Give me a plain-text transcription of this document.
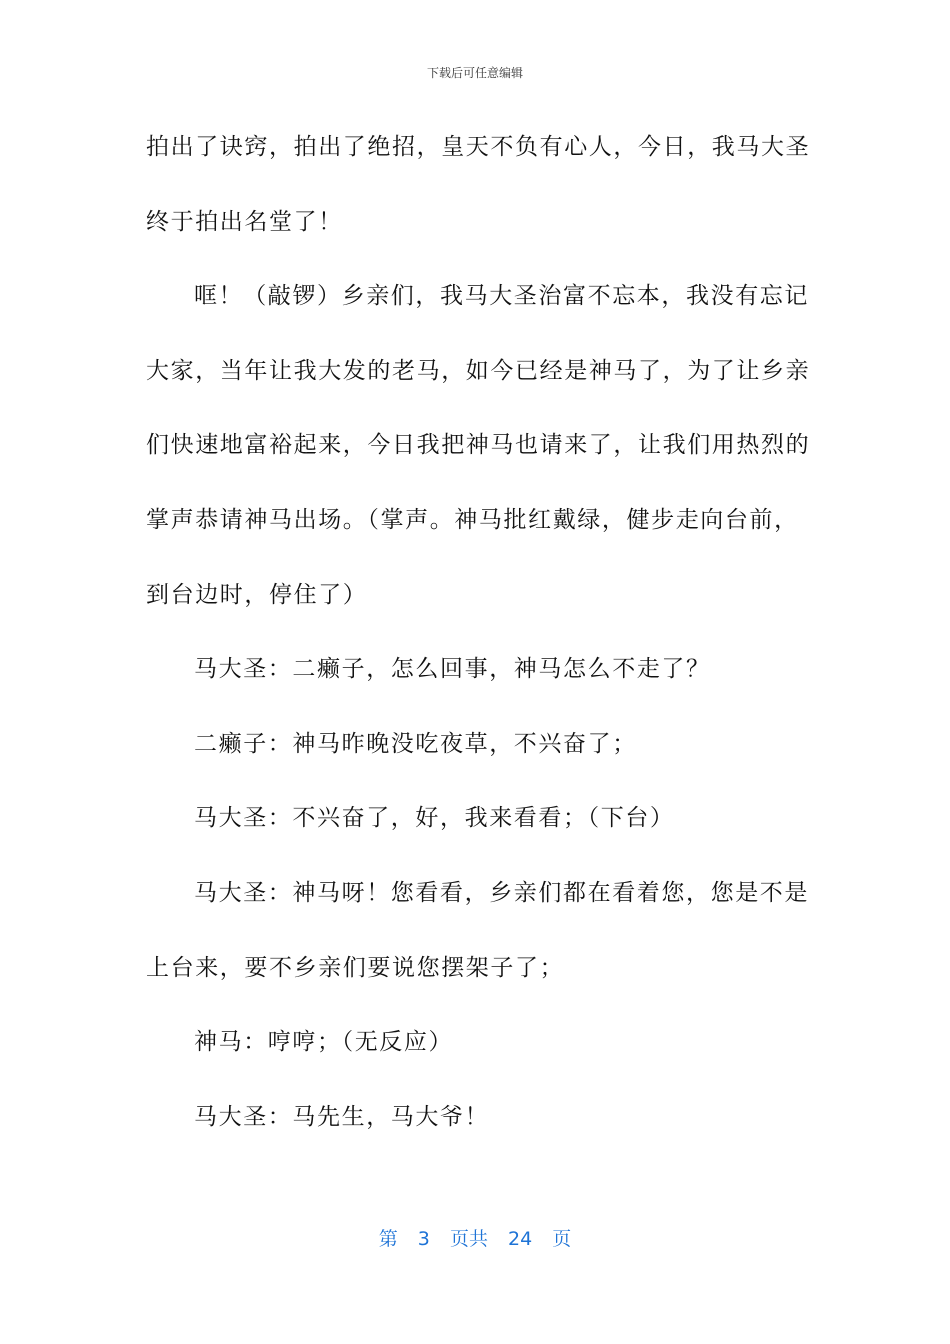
下载后可任意编辑
拍出了诀窍，拍出了绝招，皇天不负有心人，今日，我马大圣
终于拍出名堂了！
哐！（敲锣）乡亲们，我马大圣治富不忘本，我没有忘记
大家，当年让我大发的老马，如今已经是神马了，为了让乡亲
们快速地富裕起来，今日我把神马也请来了，让我们用热烈的
掌声恭请神马出场。（掌声。神马批红戴绿，健步走向台前，
到台边时，停住了）
马大圣：二癞子，怎么回事，神马怎么不走了？
二癞子：神马昨晚没吃夜草，不兴奋了；
马大圣：不兴奋了，好，我来看看；（下台）
马大圣：神马呀！您看看，乡亲们都在看着您，您是不是
上台来，要不乡亲们要说您摆架子了；
神马：哼哼；（无反应）
马大圣：马先生，马大爷！
第 3 页共 24 页
